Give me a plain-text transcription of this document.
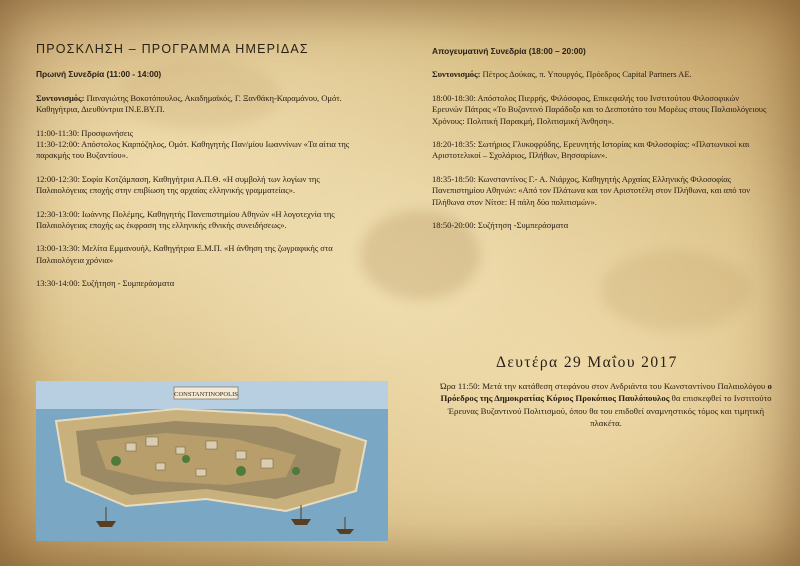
ΠΡΟΣΚΛΗΣΗ – ΠΡΟΓΡΑΜΜΑ ΗΜΕΡΙΔΑΣ
Πρωινή Συνεδρία (11:00 - 14:00)
Συντονισμός: Παναγιώτης Βοκοτόπουλος, Ακαδημαϊκός, Γ. Ξανθάκη-Καραμάνου, Ομότ. Καθηγήτρια, Διευθύντρια ΙΝ.Ε.ΒΥ.Π.
11:00-11:30: Προσφωνήσεις
11:30-12:00: Απόστολος Καρπόζηλος, Ομότ. Καθηγητής Παν/μίου Ιωαννίνων «Τα αίτια της παρακμής του Βυζαντίου».
12:00-12:30: Σοφία Κοτζάμπαση, Καθηγήτρια Α.Π.Θ. «Η συμβολή των λογίων της Παλαιολόγειας εποχής στην επιβίωση της αρχαίας ελληνικής γραμματείας».
12:30-13:00: Ιωάννης Πολέμης, Καθηγητής Πανεπιστημίου Αθηνών «Η λογοτεχνία της Παλαιολόγειας εποχής ως έκφραση της ελληνικής εθνικής συνειδήσεως».
13:00-13:30: Μελίτα Εμμανουήλ, Καθηγήτρια Ε.Μ.Π. «Η άνθηση της ζωγραφικής στα Παλαιολόγεια χρόνια»
13:30-14:00: Συζήτηση - Συμπεράσματα
CONSTANTINOPOLIS
Απογευματινή Συνεδρία (18:00 – 20:00)
Συντονισμός: Πέτρος Δούκας, π. Υπουργός, Πρόεδρος Capital Partners AE.
18:00-18:30: Απόστολος Πιερρής, Φιλόσοφος, Επικεφαλής του Ινστιτούτου Φιλοσοφικών Ερευνών Πάτρας «Το Βυζαντινό Παράδοξο και το Δεσποτάτο του Μορέως στους Παλαιολόγειους Χρόνους: Πολιτική Παρακμή, Πολιτισμική Άνθηση».
18:20-18:35: Σωτήριος Γλυκοφρύδης, Ερευνητής Ιστορίας και Φιλοσοφίας: «Πλατωνικοί και Αριστοτελικοί – Σχολάριος, Πλήθων, Βησσαρίων».
18:35-18:50: Κωνσταντίνος Γ.- Α. Νιάρχος, Καθηγητής Αρχαίας Ελληνικής Φιλοσοφίας Πανεπιστημίου Αθηνών: «Από τον Πλάτωνα και τον Αριστοτέλη στον Πλήθωνα, και από τον Πλήθωνα στον Νίτσε: Η πάλη δύο πολιτισμών».
18:50-20:00: Συζήτηση -Συμπεράσματα
Δευτέρα 29 Μαΐου 2017
Ώρα 11:50: Μετά την κατάθεση στεφάνου στον Ανδριάντα του Κωνσταντίνου Παλαιολόγου ο Πρόεδρος της Δημοκρατίας Κύριος Προκόπιος Παυλόπουλος θα επισκεφθεί το Ινστιτούτο Έρευνας Βυζαντινού Πολιτισμού, όπου θα του επιδοθεί αναμνηστικός τόμος και τιμητική πλακέτα.
